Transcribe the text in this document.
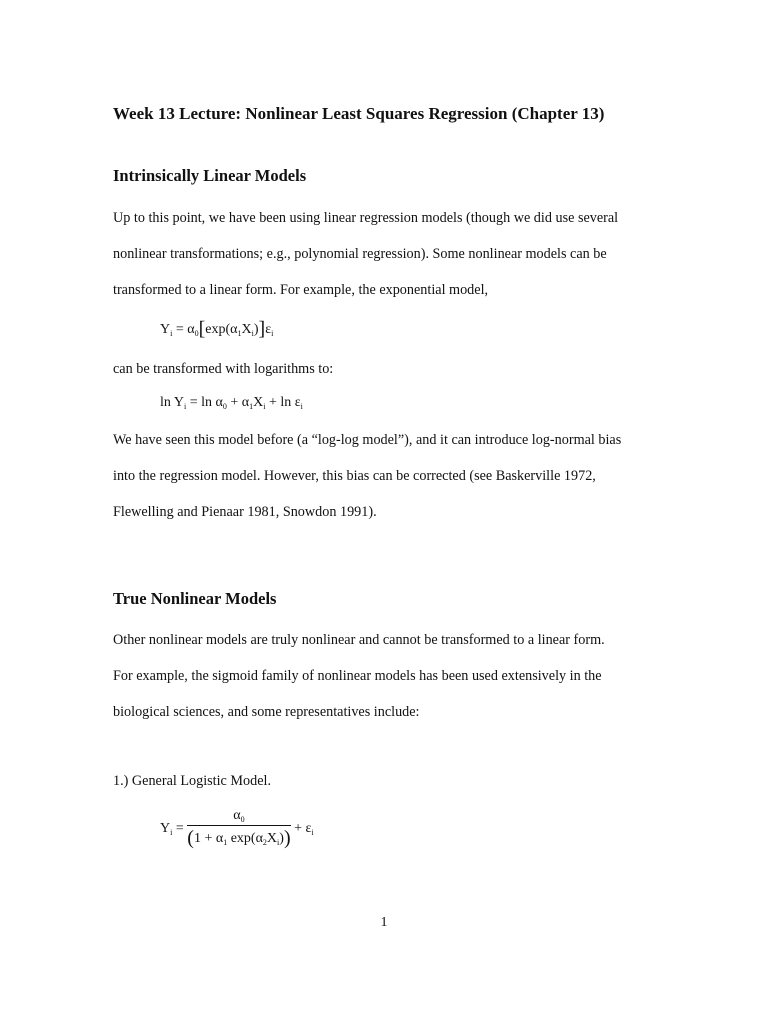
Week 13 Lecture: Nonlinear Least Squares Regression (Chapter 13)
Intrinsically Linear Models
Up to this point, we have been using linear regression models (though we did use several
nonlinear transformations; e.g., polynomial regression). Some nonlinear models can be
transformed to a linear form. For example, the exponential model,
$Y_i = \alpha_0[\exp(\alpha_1X_i)]\varepsilon_i$
can be transformed with logarithms to:
$\ln Y_i = \ln \alpha_0 + \alpha_1X_i + \ln \varepsilon_i$
We have seen this model before (a “log-log model”), and it can introduce log-normal bias
into the regression model. However, this bias can be corrected (see Baskerville 1972,
Flewelling and Pienaar 1981, Snowdon 1991).
True Nonlinear Models
Other nonlinear models are truly nonlinear and cannot be transformed to a linear form.
For example, the sigmoid family of nonlinear models has been used extensively in the
biological sciences, and some representatives include:
1.) General Logistic Model.
$Y_i = \frac{\alpha_0}{(1 + \alpha_1 \exp(\alpha_2X_i))} + \varepsilon_i$
1
